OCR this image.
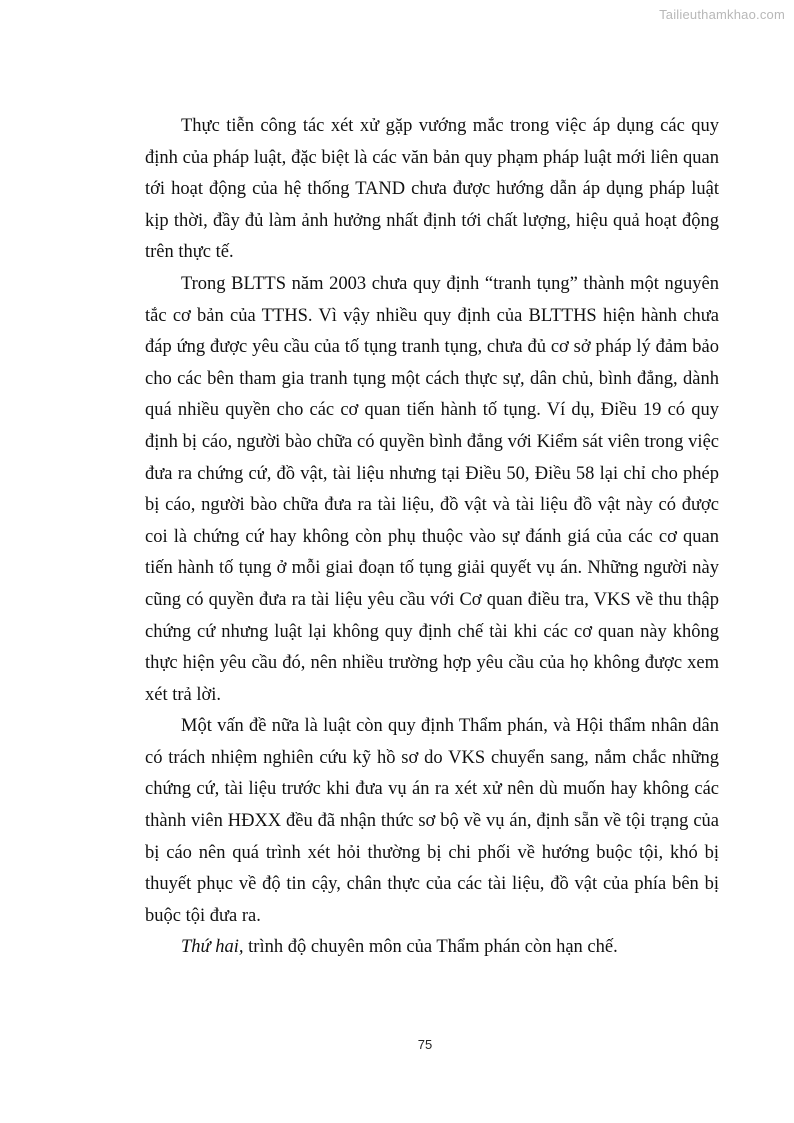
Tailieuthamkhao.com

Thực tiễn công tác xét xử gặp vướng mắc trong việc áp dụng các quy định của pháp luật, đặc biệt là các văn bản quy phạm pháp luật mới liên quan tới hoạt động của hệ thống TAND chưa được hướng dẫn áp dụng pháp luật kịp thời, đầy đủ làm ảnh hưởng nhất định tới chất lượng, hiệu quả hoạt động trên thực tế.

Trong BLTTS năm 2003 chưa quy định “tranh tụng” thành một nguyên tắc cơ bản của TTHS. Vì vậy nhiều quy định của BLTTHS hiện hành chưa đáp ứng được yêu cầu của tố tụng tranh tụng, chưa đủ cơ sở pháp lý đảm bảo cho các bên tham gia tranh tụng một cách thực sự, dân chủ, bình đẳng, dành quá nhiều quyền cho các cơ quan tiến hành tố tụng. Ví dụ, Điều 19 có quy định bị cáo, người bào chữa có quyền bình đẳng với Kiểm sát viên trong việc đưa ra chứng cứ, đồ vật, tài liệu nhưng tại Điều 50, Điều 58 lại chỉ cho phép bị cáo, người bào chữa đưa ra tài liệu, đồ vật và tài liệu đồ vật này có được coi là chứng cứ hay không còn phụ thuộc vào sự đánh giá của các cơ quan tiến hành tố tụng ở mỗi giai đoạn tố tụng giải quyết vụ án. Những người này cũng có quyền đưa ra tài liệu yêu cầu với Cơ quan điều tra, VKS về thu thập chứng cứ nhưng luật lại không quy định chế tài khi các cơ quan này không thực hiện yêu cầu đó, nên nhiều trường hợp yêu cầu của họ không được xem xét trả lời.

Một vấn đề nữa là luật còn quy định Thẩm phán, và Hội thẩm nhân dân có trách nhiệm nghiên cứu kỹ hồ sơ do VKS chuyển sang, nắm chắc những chứng cứ, tài liệu trước khi đưa vụ án ra xét xử nên dù muốn hay không các thành viên HĐXX đều đã nhận thức sơ bộ về vụ án, định sẵn về tội trạng của bị cáo nên quá trình xét hỏi thường bị chi phối về hướng buộc tội, khó bị thuyết phục về độ tin cậy, chân thực của các tài liệu, đồ vật của phía bên bị buộc tội đưa ra.

Thứ hai, trình độ chuyên môn của Thẩm phán còn hạn chế.

75
